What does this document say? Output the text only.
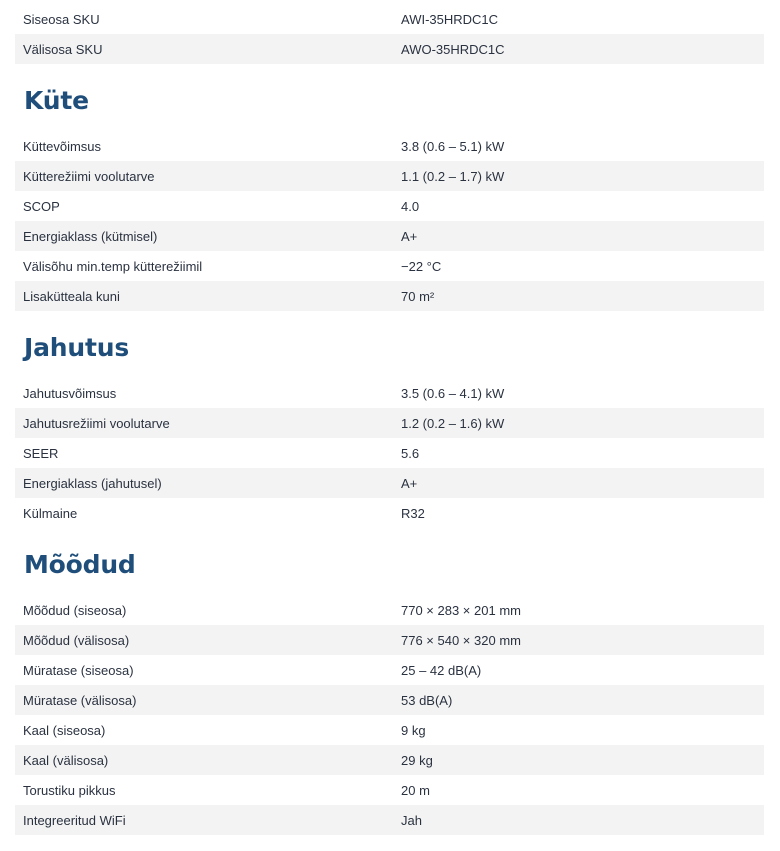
Siseosa SKU	AWI-35HRDC1C
Välisosa SKU	AWO-35HRDC1C
Küte
Küttevõimsus	3.8 (0.6 – 5.1) kW
Kütterežiimi voolutarve	1.1 (0.2 – 1.7) kW
SCOP	4.0
Energiaklass (kütmisel)	A+
Välisõhu min.temp kütterežiimil	−22 °C
Lisakütteala kuni	70 m²
Jahutus
Jahutusvõimsus	3.5 (0.6 – 4.1) kW
Jahutusrežiimi voolutarve	1.2 (0.2 – 1.6) kW
SEER	5.6
Energiaklass (jahutusel)	A+
Külmaine	R32
Mõõdud
Mõõdud (siseosa)	770 × 283 × 201 mm
Mõõdud (välisosa)	776 × 540 × 320 mm
Müratase (siseosa)	25 – 42 dB(A)
Müratase (välisosa)	53 dB(A)
Kaal (siseosa)	9 kg
Kaal (välisosa)	29 kg
Torustiku pikkus	20 m
Integreeritud WiFi	Jah
